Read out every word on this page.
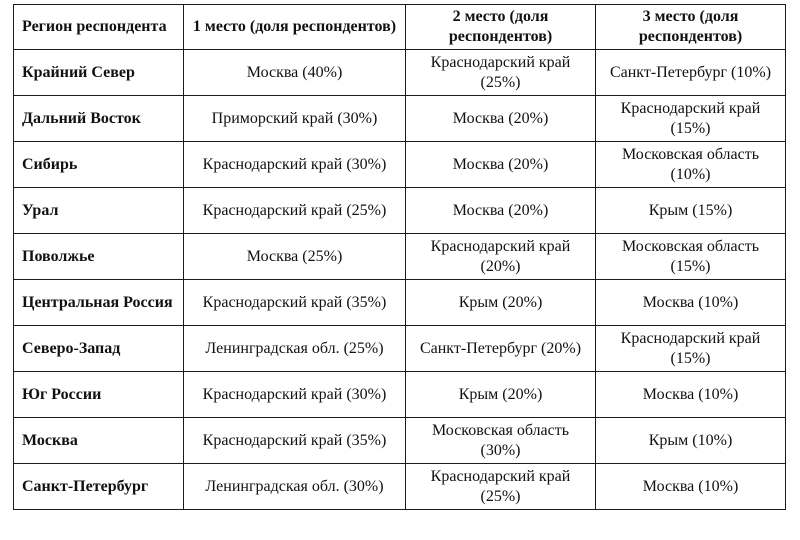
Регион респондента	1 место (доля респондентов)	2 место (доля респондентов)	3 место (доля респондентов)
Крайний Север	Москва (40%)	Краснодарский край (25%)	Санкт-Петербург (10%)
Дальний Восток	Приморский край (30%)	Москва (20%)	Краснодарский край (15%)
Сибирь	Краснодарский край (30%)	Москва (20%)	Московская область (10%)
Урал	Краснодарский край (25%)	Москва (20%)	Крым (15%)
Поволжье	Москва (25%)	Краснодарский край (20%)	Московская область (15%)
Центральная Россия	Краснодарский край (35%)	Крым (20%)	Москва (10%)
Северо-Запад	Ленинградская обл. (25%)	Санкт-Петербург (20%)	Краснодарский край (15%)
Юг России	Краснодарский край (30%)	Крым (20%)	Москва (10%)
Москва	Краснодарский край (35%)	Московская область (30%)	Крым (10%)
Санкт-Петербург	Ленинградская обл. (30%)	Краснодарский край (25%)	Москва (10%)
